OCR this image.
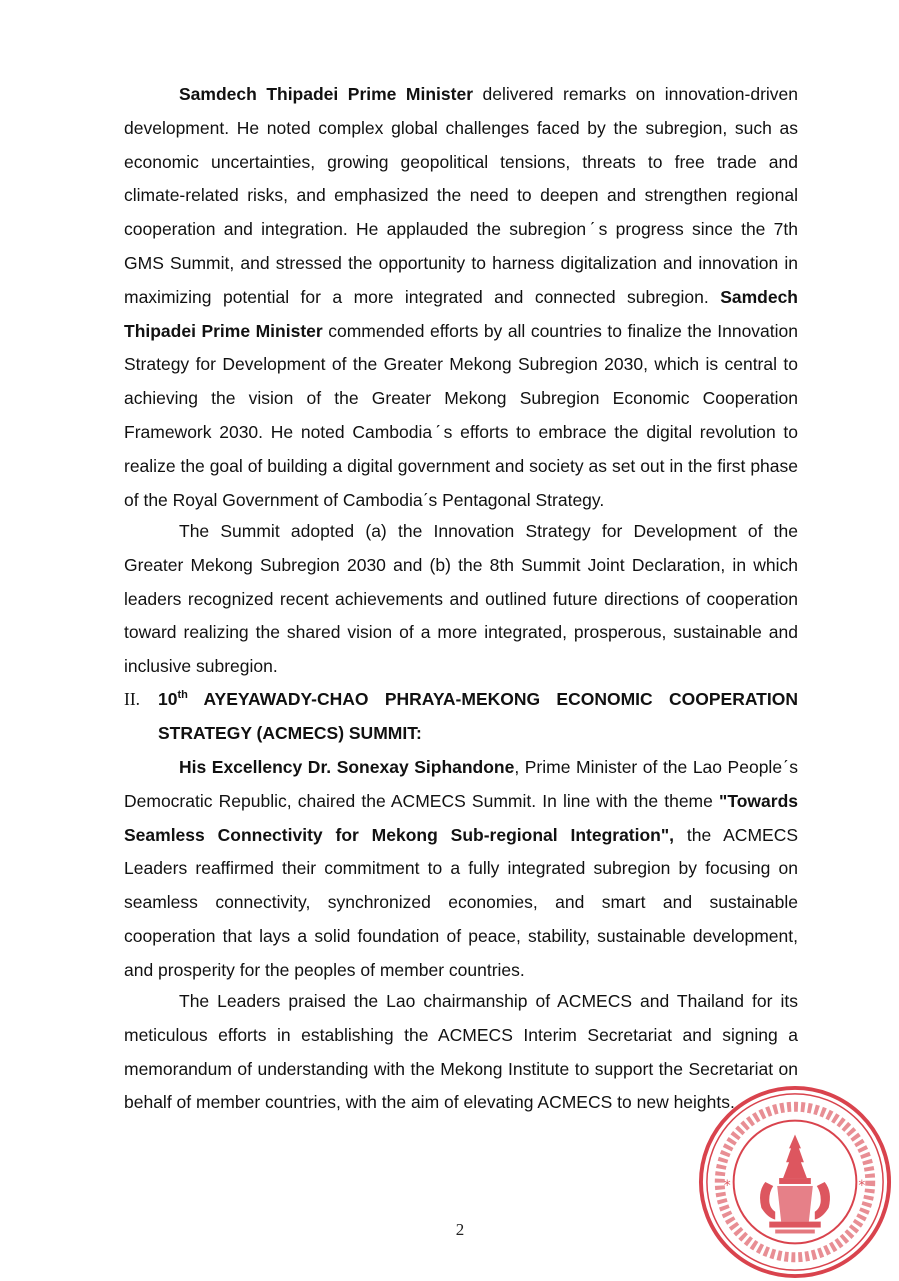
Samdech Thipadei Prime Minister delivered remarks on innovation-driven development. He noted complex global challenges faced by the subregion, such as economic uncertainties, growing geopolitical tensions, threats to free trade and climate-related risks, and emphasized the need to deepen and strengthen regional cooperation and integration. He applauded the subregionˊs progress since the 7th GMS Summit, and stressed the opportunity to harness digitalization and innovation in maximizing potential for a more integrated and connected subregion. Samdech Thipadei Prime Minister commended efforts by all countries to finalize the Innovation Strategy for Development of the Greater Mekong Subregion 2030, which is central to achieving the vision of the Greater Mekong Subregion Economic Cooperation Framework 2030. He noted Cambodiaˊs efforts to embrace the digital revolution to realize the goal of building a digital government and society as set out in the first phase of the Royal Government of Cambodiaˊs Pentagonal Strategy.

The Summit adopted (a) the Innovation Strategy for Development of the Greater Mekong Subregion 2030 and (b) the 8th Summit Joint Declaration, in which leaders recognized recent achievements and outlined future directions of cooperation toward realizing the shared vision of a more integrated, prosperous, sustainable and inclusive subregion.

II. 10th AYEYAWADY-CHAO PHRAYA-MEKONG ECONOMIC COOPERATION
STRATEGY (ACMECS) SUMMIT:

His Excellency Dr. Sonexay Siphandone, Prime Minister of the Lao Peopleˊs Democratic Republic, chaired the ACMECS Summit. In line with the theme "Towards Seamless Connectivity for Mekong Sub-regional Integration", the ACMECS Leaders reaffirmed their commitment to a fully integrated subregion by focusing on seamless connectivity, synchronized economies, and smart and sustainable cooperation that lays a solid foundation of peace, stability, sustainable development, and prosperity for the peoples of member countries.

The Leaders praised the Lao chairmanship of ACMECS and Thailand for its meticulous efforts in establishing the ACMECS Interim Secretariat and signing a memorandum of understanding with the Mekong Institute to support the Secretariat on behalf of member countries, with the aim of elevating ACMECS to new heights.

2
*	*
